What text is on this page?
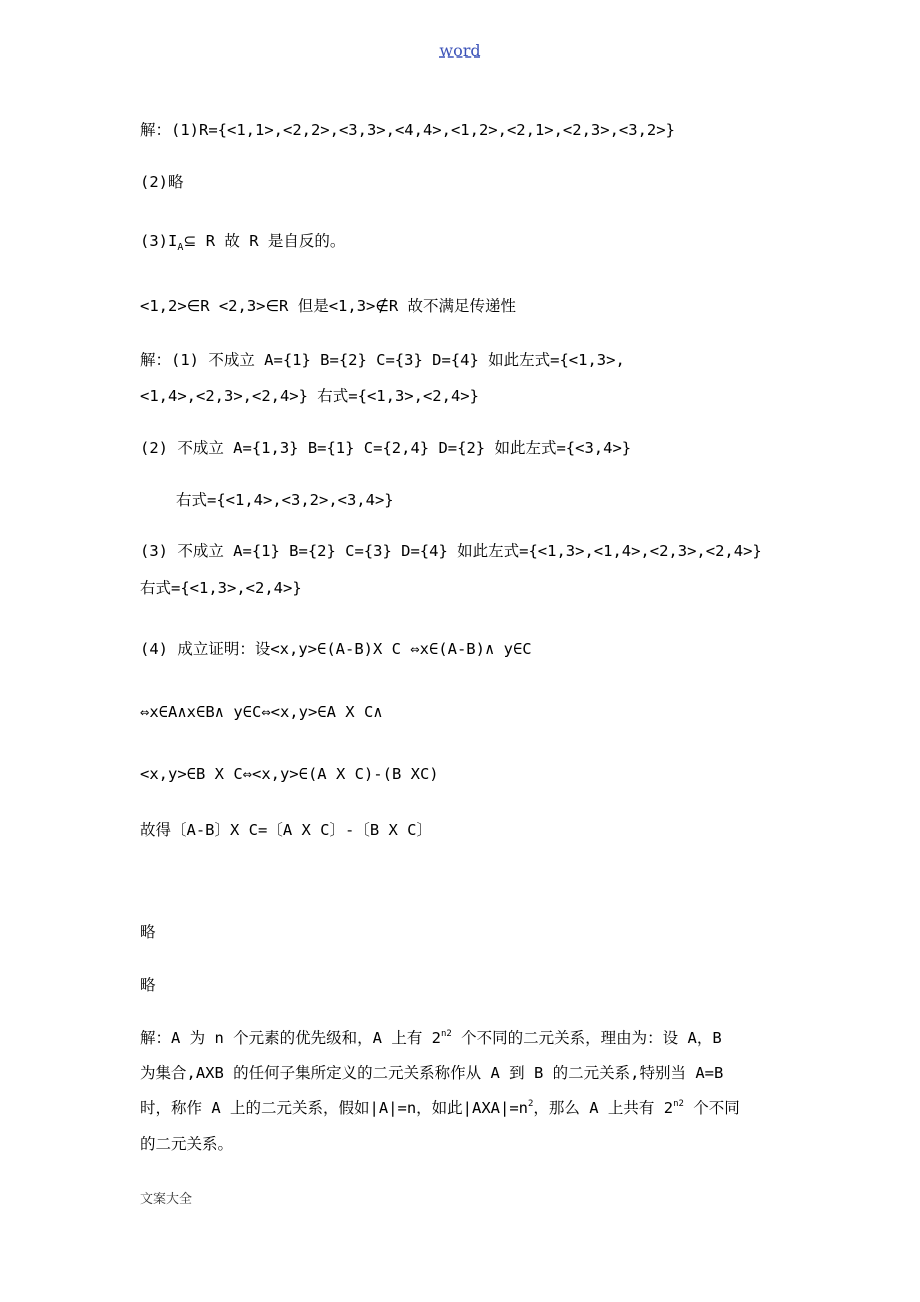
word
解：(1)R={<1,1>,<2,2>,<3,3>,<4,4>,<1,2>,<2,1>,<2,3>,<3,2>}
(2)略
$(3)I_A⊆$ R 故 R 是自反的。
<1,2>∈R <2,3>∈R 但是<1,3>∉R 故不满足传递性
解：(1) 不成立 A={1} B={2} C={3} D={4} 如此左式={<1,3>,
<1,4>,<2,3>,<2,4>} 右式={<1,3>,<2,4>}
(2) 不成立 A={1,3} B={1} C={2,4} D={2} 如此左式={<3,4>}
右式={<1,4>,<3,2>,<3,4>}
(3) 不成立 A={1} B={2} C={3} D={4} 如此左式={<1,3>,<1,4>,<2,3>,<2,4>}
右式={<1,3>,<2,4>}
(4) 成立证明：设<x,y>∈(A-B)X C ⇔x∈(A-B)∧ y∈C
⇔x∈A∧x∈B∧ y∈C⇔<x,y>∈A X C∧
<x,y>∈B X C⇔<x,y>∈(A X C)-(B XC)
故得〔A-B〕X C=〔A X C〕-〔B X C〕
略
略
解：A 为 n 个元素的优先级和，A 上有 $2^{n2}$ 个不同的二元关系，理由为：设 A，B
为集合,AXB 的任何子集所定义的二元关系称作从 A 到 B 的二元关系,特别当 A=B
时，称作 A 上的二元关系，假如|A|=n，如此$|AXA|=n^2$，那么 A 上共有 $2^{n2}$ 个不同
的二元关系。
文案大全
